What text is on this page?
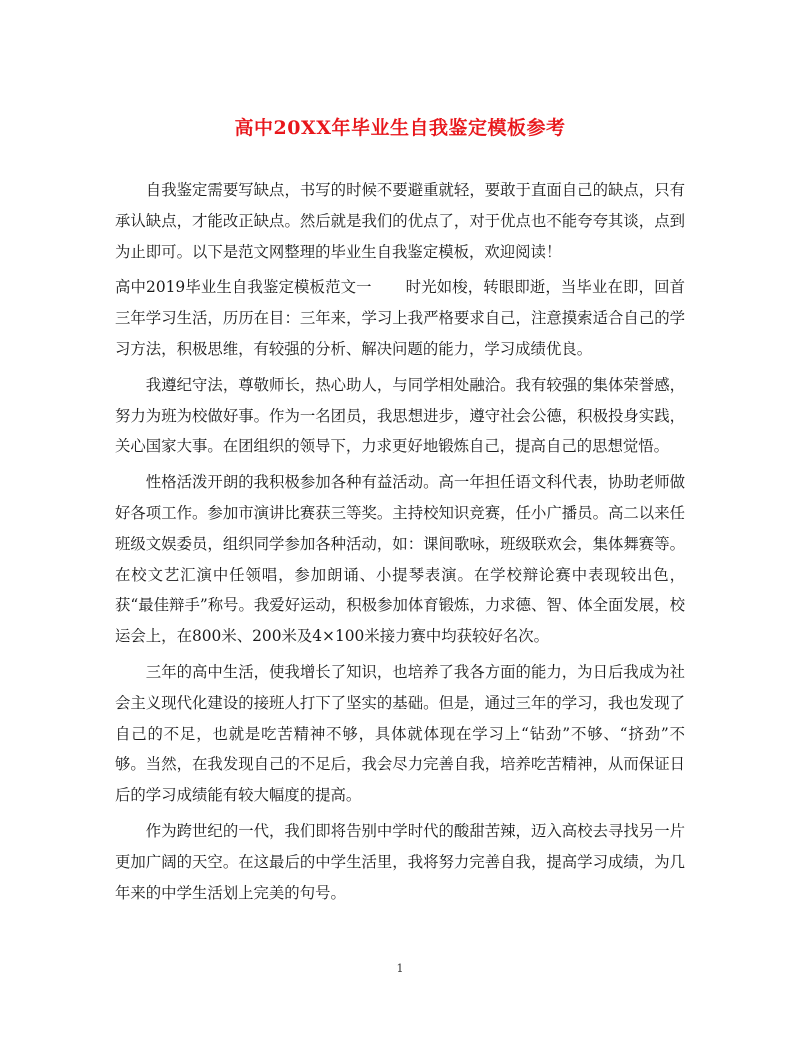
高中20XX年毕业生自我鉴定模板参考

自我鉴定需要写缺点，书写的时候不要避重就轻，要敢于直面自己的缺点，只有承认缺点，才能改正缺点。然后就是我们的优点了，对于优点也不能夸夸其谈，点到为止即可。以下是范文网整理的毕业生自我鉴定模板，欢迎阅读！

高中2019毕业生自我鉴定模板范文一 时光如梭，转眼即逝，当毕业在即，回首三年学习生活，历历在目：三年来，学习上我严格要求自己，注意摸索适合自己的学习方法，积极思维，有较强的分析、解决问题的能力，学习成绩优良。

我遵纪守法，尊敬师长，热心助人，与同学相处融洽。我有较强的集体荣誉感，努力为班为校做好事。作为一名团员，我思想进步，遵守社会公德，积极投身实践，关心国家大事。在团组织的领导下，力求更好地锻炼自己，提高自己的思想觉悟。

性格活泼开朗的我积极参加各种有益活动。高一年担任语文科代表，协助老师做好各项工作。参加市演讲比赛获三等奖。主持校知识竞赛，任小广播员。高二以来任班级文娱委员，组织同学参加各种活动，如：课间歌咏，班级联欢会，集体舞赛等。在校文艺汇演中任领唱，参加朗诵、小提琴表演。在学校辩论赛中表现较出色，获“最佳辩手”称号。我爱好运动，积极参加体育锻炼，力求德、智、体全面发展，校运会上，在800米、200米及4×100米接力赛中均获较好名次。

三年的高中生活，使我增长了知识，也培养了我各方面的能力，为日后我成为社会主义现代化建设的接班人打下了坚实的基础。但是，通过三年的学习，我也发现了自己的不足，也就是吃苦精神不够，具体就体现在学习上“钻劲”不够、“挤劲”不够。当然，在我发现自己的不足后，我会尽力完善自我，培养吃苦精神，从而保证日后的学习成绩能有较大幅度的提高。

作为跨世纪的一代，我们即将告别中学时代的酸甜苦辣，迈入高校去寻找另一片更加广阔的天空。在这最后的中学生活里，我将努力完善自我，提高学习成绩，为几年来的中学生活划上完美的句号。

1
